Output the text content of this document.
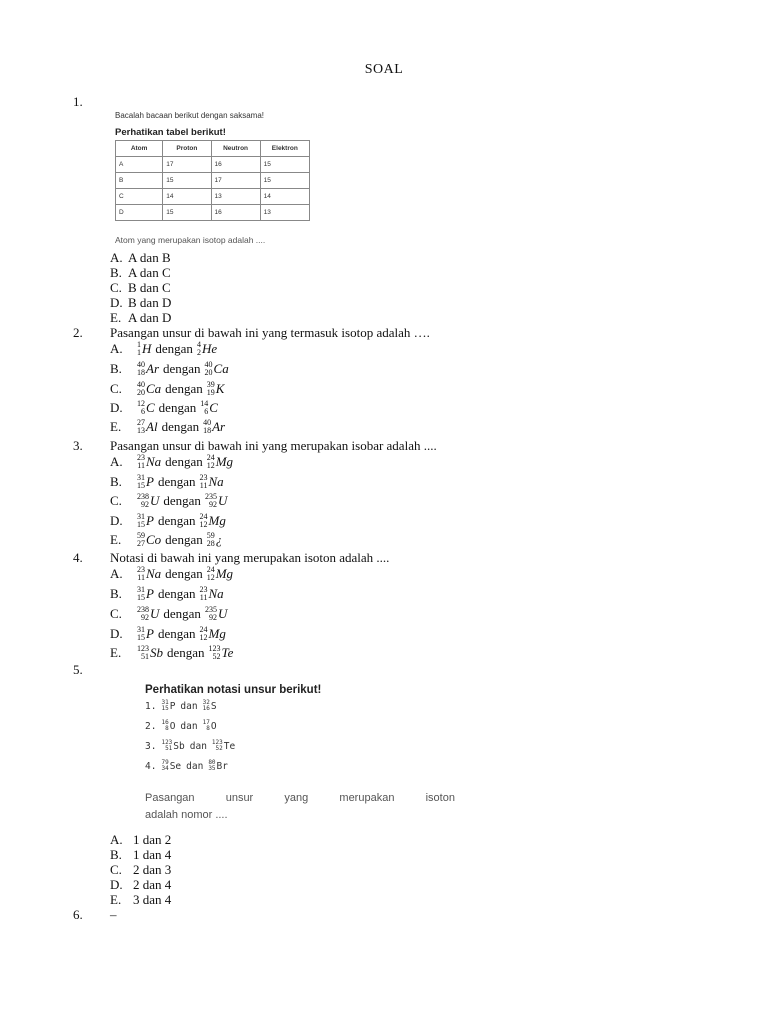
SOAL
1.
Bacalah bacaan berikut dengan saksama!
Perhatikan tabel berikut!
Atom	Proton	Neutron	Elektron
A	17	16	15
B	15	17	15
C	14	13	14
D	15	16	13
Atom yang merupakan isotop adalah ....
A. A dan B
B. A dan C
C. B dan C
D. B dan D
E. A dan D
2. Pasangan unsur di bawah ini yang termasuk isotop adalah ….
A.	1
1 H dengan 4
2 He
B.	40
18 Ar dengan 40
20 Ca
C.	40
20 Ca dengan 39
19 K
D.	12
6 C dengan 14
6 C
E.	27
13 Al dengan 40
18 Ar
3. Pasangan unsur di bawah ini yang merupakan isobar adalah ....
A.	23
11 Na dengan 24
12 Mg
B.	31
15 P dengan 23
11 Na
C.	238
92 U dengan 235
92 U
D.	31
15 P dengan 24
12 Mg
E.	59
27 Co dengan 59
28 ¿
4. Notasi di bawah ini yang merupakan isoton adalah ....
A.	23
11 Na dengan 24
12 Mg
B.	31
15 P dengan 23
11 Na
C.	238
92 U dengan 235
92 U
D.	31
15 P dengan 24
12 Mg
E.	123
51 Sb dengan 123
52 Te
5.
Perhatikan notasi unsur berikut!
1. 31
15 P dan 32
16 S
2. 16
8 O dan 17
8 O
3. 123
51 Sb dan 123
52 Te
4. 79
34 Se dan 80
35 Br
Pasangan	unsur	yang	merupakan	isoton
adalah nomor ....
A. 1 dan 2
B. 1 dan 4
C. 2 dan 3
D. 2 dan 4
E. 3 dan 4
6. –
